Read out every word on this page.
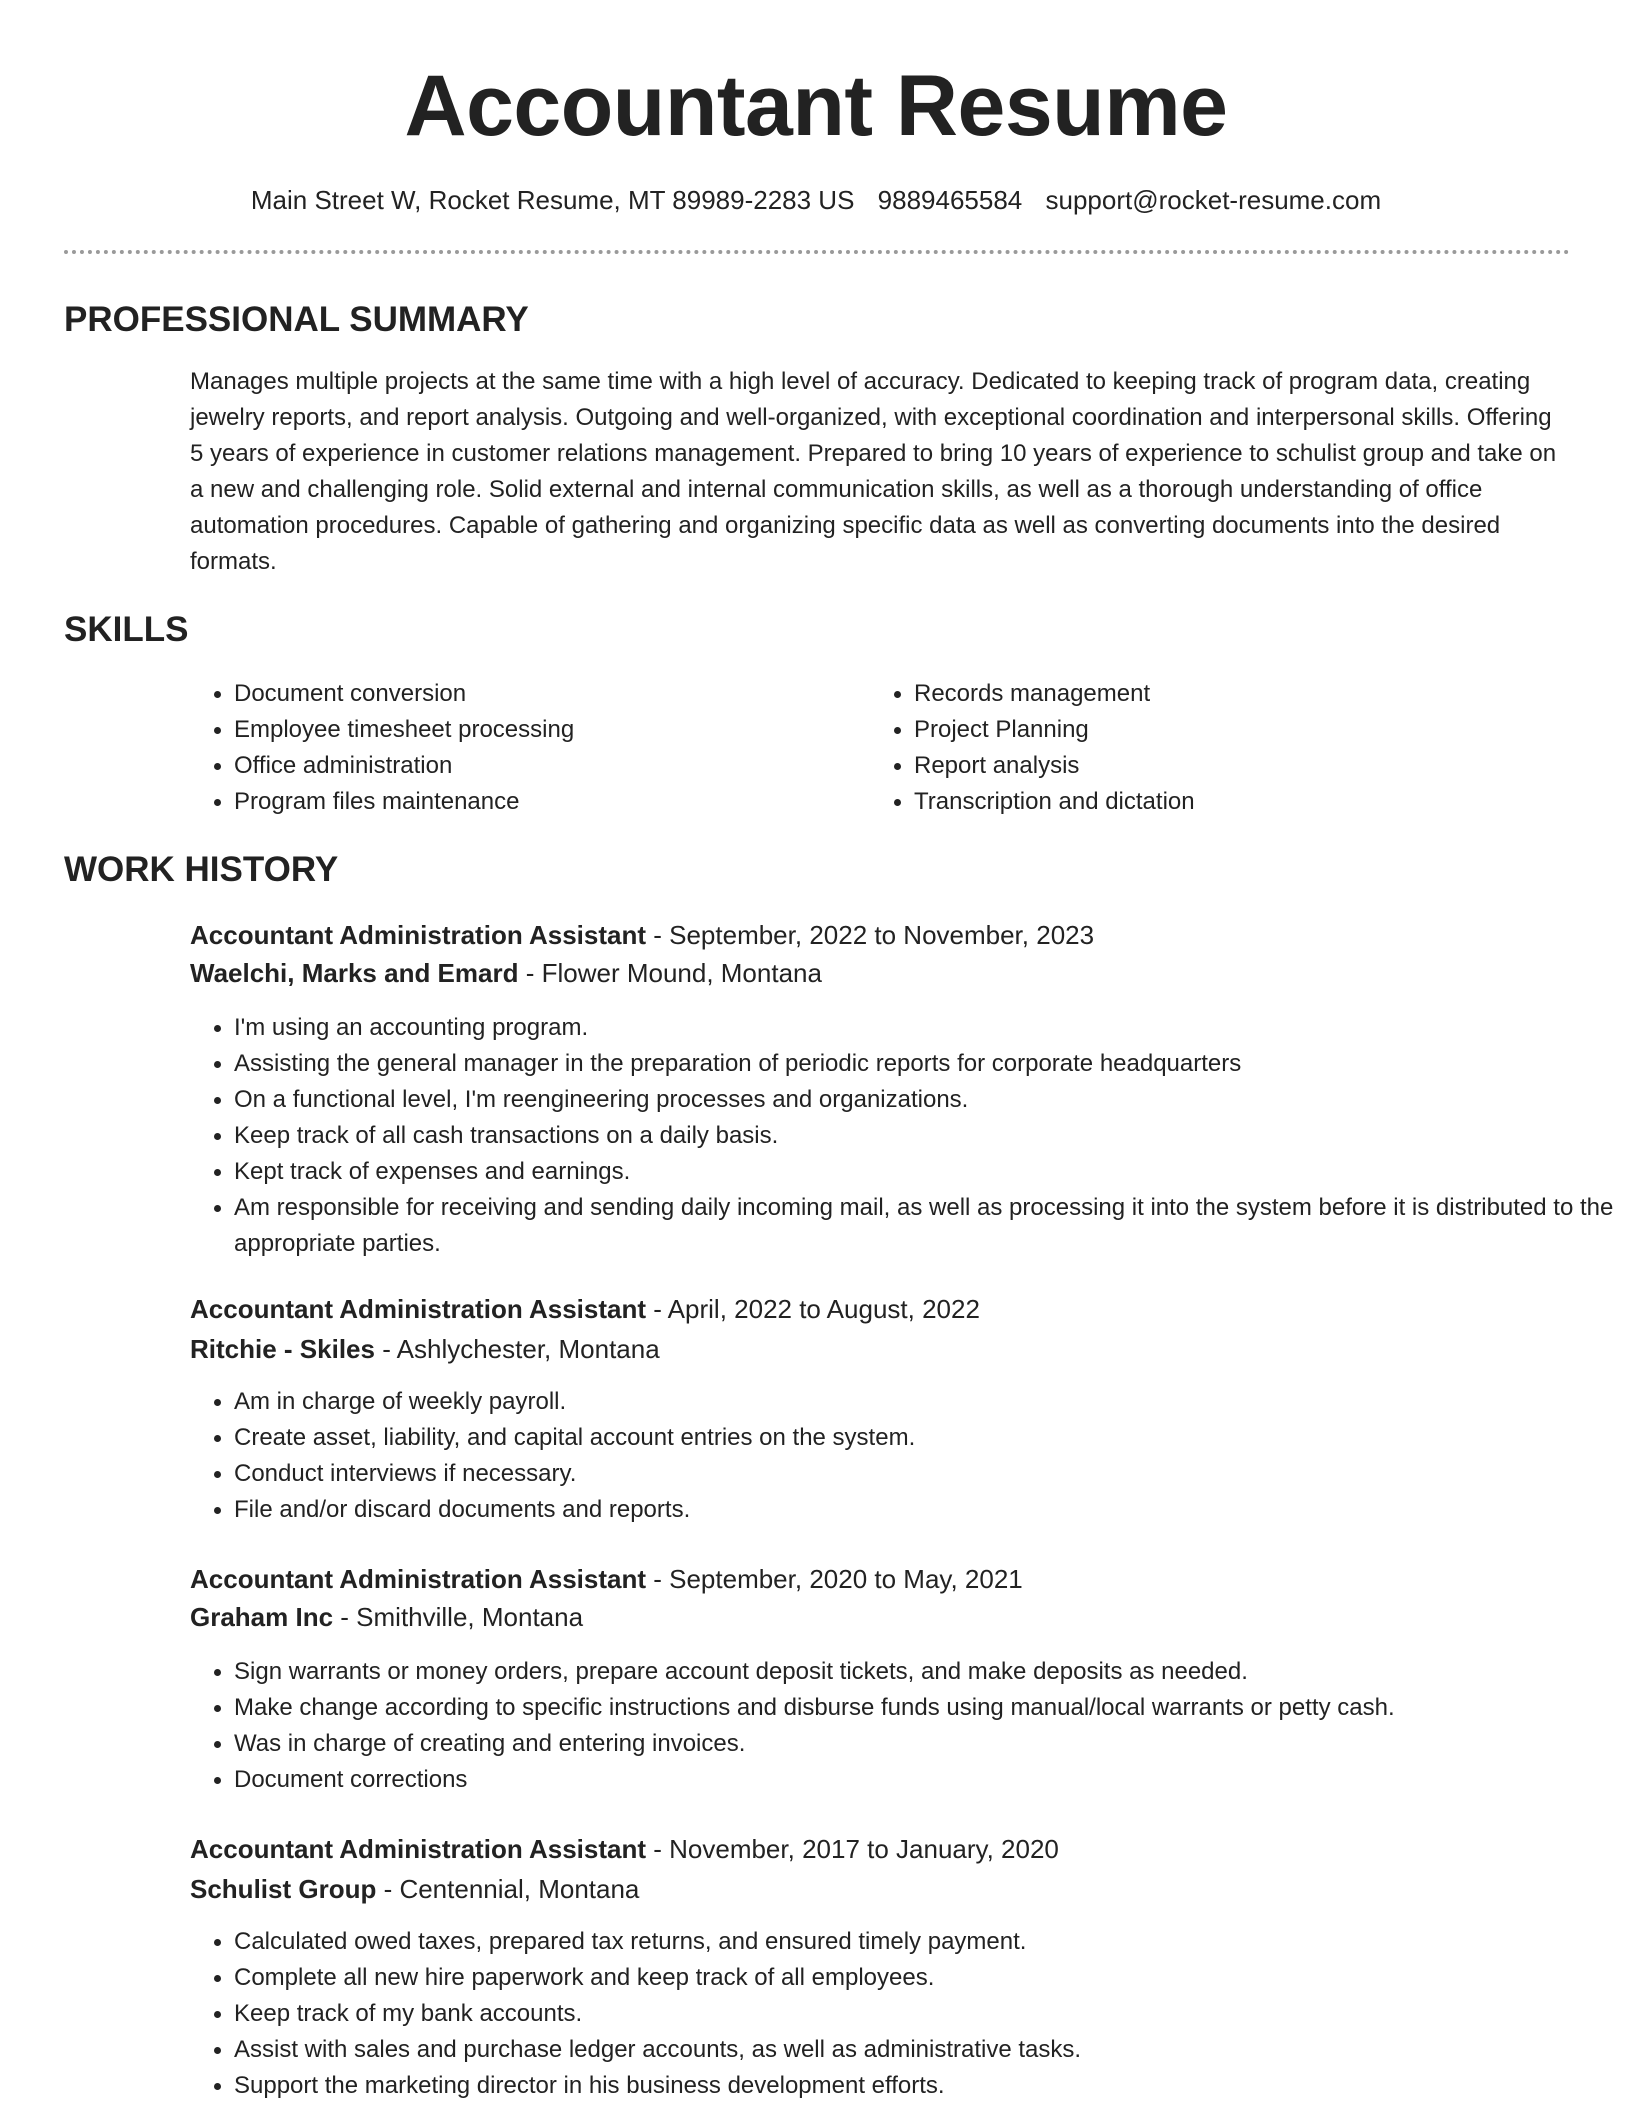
Accountant Resume
Main Street W, Rocket Resume, MT 89989-2283 US 9889465584 support@rocket-resume.com
PROFESSIONAL SUMMARY

Manages multiple projects at the same time with a high level of accuracy. Dedicated to keeping track of program data, creating jewelry reports, and report analysis. Outgoing and well-organized, with exceptional coordination and interpersonal skills. Offering 5 years of experience in customer relations management. Prepared to bring 10 years of experience to schulist group and take on a new and challenging role. Solid external and internal communication skills, as well as a thorough understanding of office automation procedures. Capable of gathering and organizing specific data as well as converting documents into the desired formats.

SKILLS
• Document conversion
• Employee timesheet processing
• Office administration
• Program files maintenance
• Records management
• Project Planning
• Report analysis
• Transcription and dictation
WORK HISTORY
Accountant Administration Assistant - September, 2022 to November, 2023
Waelchi, Marks and Emard - Flower Mound, Montana
• I'm using an accounting program.
• Assisting the general manager in the preparation of periodic reports for corporate headquarters
• On a functional level, I'm reengineering processes and organizations.
• Keep track of all cash transactions on a daily basis.
• Kept track of expenses and earnings.
• Am responsible for receiving and sending daily incoming mail, as well as processing it into the system before it is distributed to the appropriate parties.
Accountant Administration Assistant - April, 2022 to August, 2022
Ritchie - Skiles - Ashlychester, Montana
• Am in charge of weekly payroll.
• Create asset, liability, and capital account entries on the system.
• Conduct interviews if necessary.
• File and/or discard documents and reports.
Accountant Administration Assistant - September, 2020 to May, 2021
Graham Inc - Smithville, Montana
• Sign warrants or money orders, prepare account deposit tickets, and make deposits as needed.
• Make change according to specific instructions and disburse funds using manual/local warrants or petty cash.
• Was in charge of creating and entering invoices.
• Document corrections
Accountant Administration Assistant - November, 2017 to January, 2020
Schulist Group - Centennial, Montana
• Calculated owed taxes, prepared tax returns, and ensured timely payment.
• Complete all new hire paperwork and keep track of all employees.
• Keep track of my bank accounts.
• Assist with sales and purchase ledger accounts, as well as administrative tasks.
• Support the marketing director in his business development efforts.
